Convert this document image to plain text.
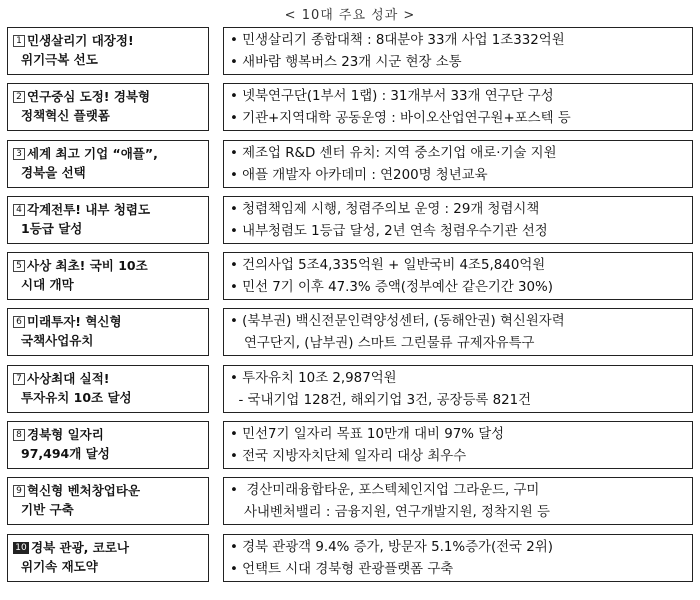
< 10대 주요 성과 >
1 민생살리기 대장정!
위기극복 선도
• 민생살리기 종합대책 : 8대분야 33개 사업 1조332억원
• 새바람 행복버스 23개 시군 현장 소통
2 연구중심 도정! 경북형
정책혁신 플랫폼
• 넷북연구단(1부서 1랩) : 31개부서 33개 연구단 구성
• 기관+지역대학 공동운영 : 바이오산업연구원+포스텍 등
3 세계 최고 기업 “애플”,
경북을 선택
• 제조업 R&D 센터 유치: 지역 중소기업 애로·기술 지원
• 애플 개발자 아카데미 : 연200명 청년교육
4 각계전투! 내부 청렴도
1등급 달성
• 청렴책임제 시행, 청렴주의보 운영 : 29개 청렴시책
• 내부청렴도 1등급 달성, 2년 연속 청렴우수기관 선정
5 사상 최초! 국비 10조
시대 개막
• 건의사업 5조4,335억원 + 일반국비 4조5,840억원
• 민선 7기 이후 47.3% 증액(정부예산 같은기간 30%)
6 미래투자! 혁신형
국책사업유치
• (북부권) 백신전문인력양성센터, (동해안권) 혁신원자력
연구단지, (남부권) 스마트 그린물류 규제자유특구
7 사상최대 실적!
투자유치 10조 달성
• 투자유치 10조 2,987억원
- 국내기업 128건, 해외기업 3건, 공장등록 821건
8 경북형 일자리
97,494개 달성
• 민선7기 일자리 목표 10만개 대비 97% 달성
• 전국 지방자치단체 일자리 대상 최우수
9 혁신형 벤처창업타운
기반 구축
•  경산미래융합타운, 포스텍체인지업 그라운드, 구미
사내벤처밸리 : 금융지원, 연구개발지원, 정착지원 등
10 경북 관광, 코로나
위기속 재도약
• 경북 관광객 9.4% 증가, 방문자 5.1%증가(전국 2위)
• 언택트 시대 경북형 관광플랫폼 구축
